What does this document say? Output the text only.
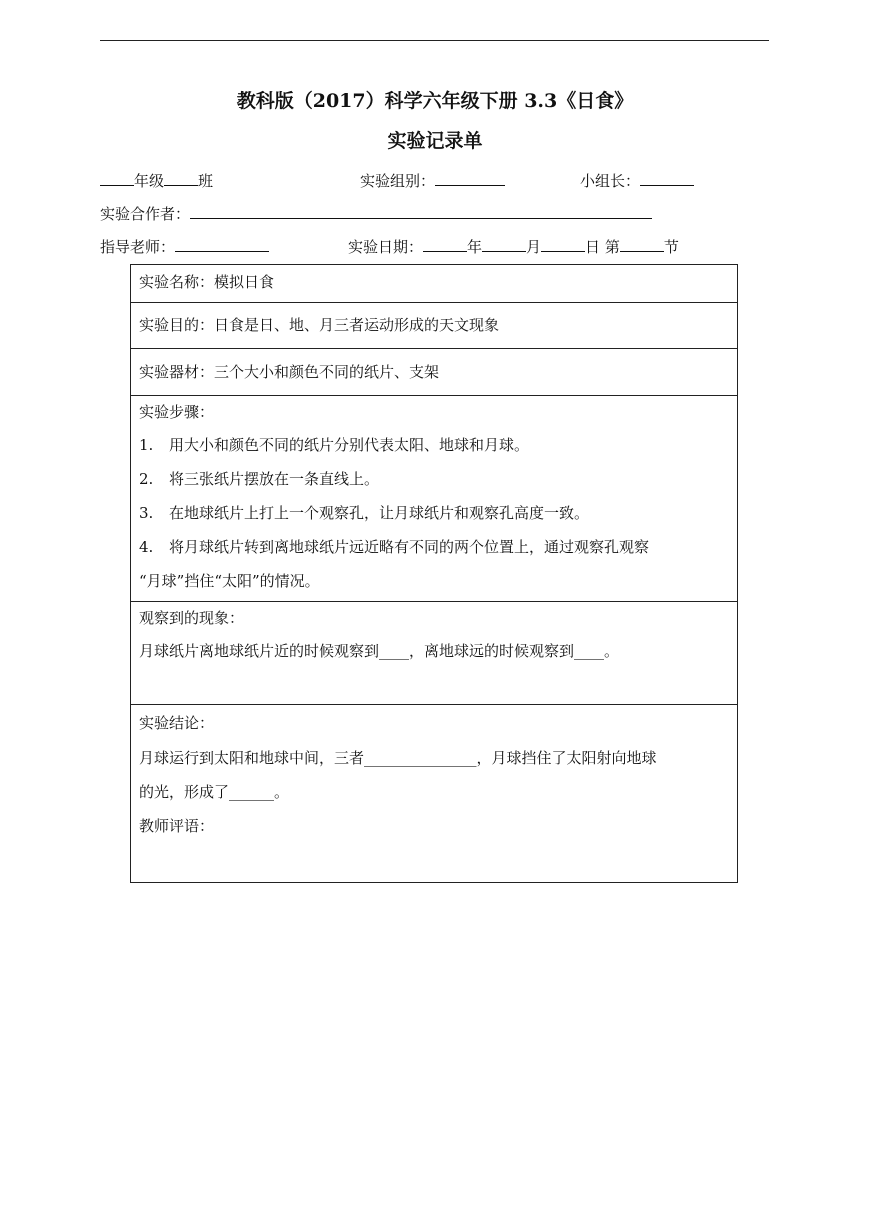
教科版（2017）科学六年级下册 3.3《日食》
实验记录单
年级 班	实验组别：	小组长：
实验合作者：
指导老师：	实验日期：	年	月	日 第	节
实验名称：模拟日食

实验目的：日食是日、地、月三者运动形成的天文现象

实验器材：三个大小和颜色不同的纸片、支架

实验步骤：
1. 用大小和颜色不同的纸片分别代表太阳、地球和月球。
2. 将三张纸片摆放在一条直线上。
3. 在地球纸片上打上一个观察孔，让月球纸片和观察孔高度一致。
4. 将月球纸片转到离地球纸片远近略有不同的两个位置上，通过观察孔观察
“月球”挡住“太阳”的情况。

观察到的现象：
月球纸片离地球纸片近的时候观察到____，离地球远的时候观察到____。

实验结论：
月球运行到太阳和地球中间，三者_______________，月球挡住了太阳射向地球
的光，形成了______。
教师评语：
